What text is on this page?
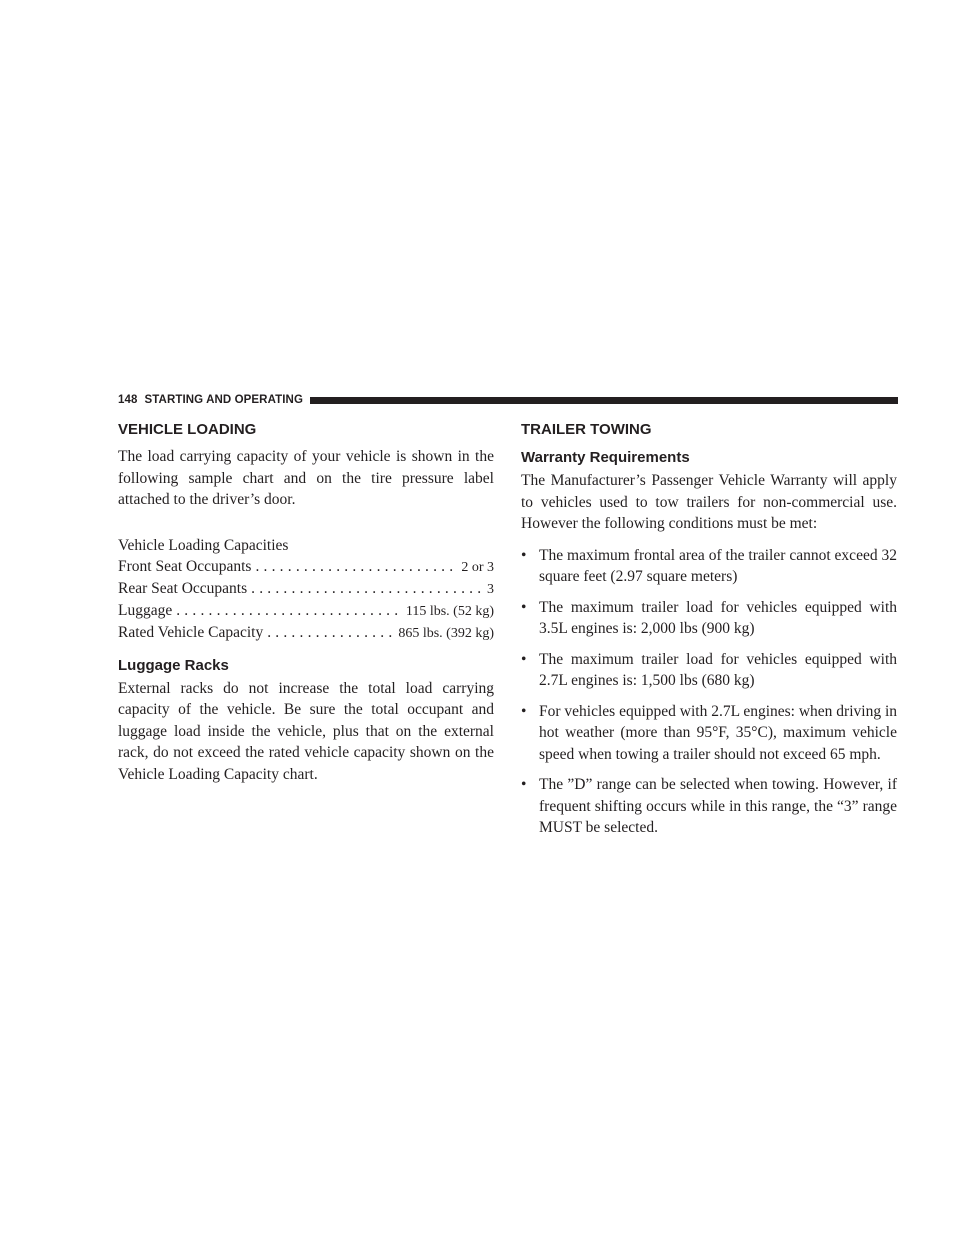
148 STARTING AND OPERATING
VEHICLE LOADING

The load carrying capacity of your vehicle is shown in the following sample chart and on the tire pressure label attached to the driver’s door.

Vehicle Loading Capacities
Front Seat Occupants .....	2 or 3
Rear Seat Occupants .....	3
Luggage .....	115 lbs. (52 kg)
Rated Vehicle Capacity .....	865 lbs. (392 kg)
Luggage Racks

External racks do not increase the total load carrying capacity of the vehicle. Be sure the total occupant and luggage load inside the vehicle, plus that on the external rack, do not exceed the rated vehicle capacity shown on the Vehicle Loading Capacity chart.

TRAILER TOWING
Warranty Requirements

The Manufacturer’s Passenger Vehicle Warranty will apply to vehicles used to tow trailers for non-commercial use. However the following conditions must be met:

• The maximum frontal area of the trailer cannot exceed 32 square feet (2.97 square meters)
• The maximum trailer load for vehicles equipped with 3.5L engines is: 2,000 lbs (900 kg)
• The maximum trailer load for vehicles equipped with 2.7L engines is: 1,500 lbs (680 kg)
• For vehicles equipped with 2.7L engines: when driving in hot weather (more than 95°F, 35°C), maximum vehicle speed when towing a trailer should not exceed 65 mph.
• The ”D” range can be selected when towing. However, if frequent shifting occurs while in this range, the “3” range MUST be selected.
